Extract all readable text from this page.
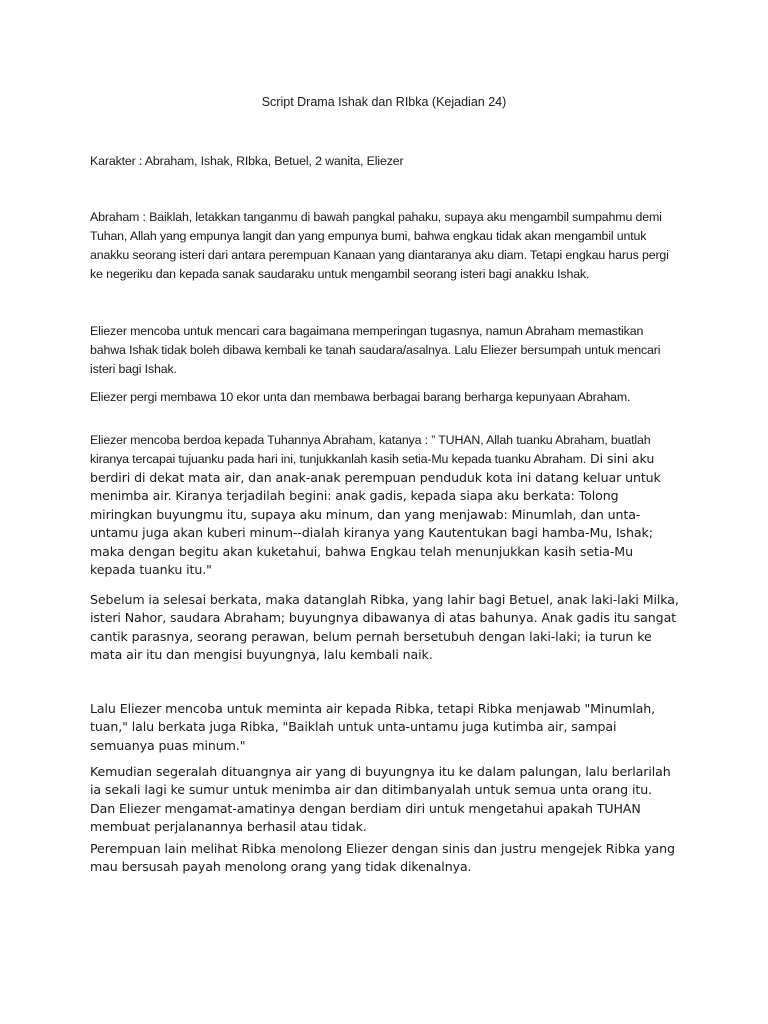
Script Drama Ishak dan RIbka (Kejadian 24)
Karakter : Abraham, Ishak, RIbka, Betuel, 2 wanita, Eliezer

Abraham : Baiklah, letakkan tanganmu di bawah pangkal pahaku, supaya aku mengambil sumpahmu demi Tuhan, Allah yang empunya langit dan yang empunya bumi, bahwa engkau tidak akan mengambil untuk anakku seorang isteri dari antara perempuan Kanaan yang diantaranya aku diam. Tetapi engkau harus pergi ke negeriku dan kepada sanak saudaraku untuk mengambil seorang isteri bagi anakku Ishak.

Eliezer mencoba untuk mencari cara bagaimana memperingan tugasnya, namun Abraham memastikan bahwa Ishak tidak boleh dibawa kembali ke tanah saudara/asalnya. Lalu Eliezer bersumpah untuk mencari isteri bagi Ishak.

Eliezer pergi membawa 10 ekor unta dan membawa berbagai barang berharga kepunyaan Abraham.

Eliezer mencoba berdoa kepada Tuhannya Abraham, katanya : ” TUHAN, Allah tuanku Abraham, buatlah kiranya tercapai tujuanku pada hari ini, tunjukkanlah kasih setia-Mu kepada tuanku Abraham. Di sini aku berdiri di dekat mata air, dan anak-anak perempuan penduduk kota ini datang keluar untuk menimba air. Kiranya terjadilah begini: anak gadis, kepada siapa aku berkata: Tolong miringkan buyungmu itu, supaya aku minum, dan yang menjawab: Minumlah, dan unta-untamu juga akan kuberi minum--dialah kiranya yang Kautentukan bagi hamba-Mu, Ishak; maka dengan begitu akan kuketahui, bahwa Engkau telah menunjukkan kasih setia-Mu kepada tuanku itu."

Sebelum ia selesai berkata, maka datanglah Ribka, yang lahir bagi Betuel, anak laki-laki Milka, isteri Nahor, saudara Abraham; buyungnya dibawanya di atas bahunya. Anak gadis itu sangat cantik parasnya, seorang perawan, belum pernah bersetubuh dengan laki-laki; ia turun ke mata air itu dan mengisi buyungnya, lalu kembali naik.

Lalu Eliezer mencoba untuk meminta air kepada Ribka, tetapi Ribka menjawab "Minumlah, tuan," lalu berkata juga Ribka, "Baiklah untuk unta-untamu juga kutimba air, sampai semuanya puas minum."

Kemudian segeralah dituangnya air yang di buyungnya itu ke dalam palungan, lalu berlarilah ia sekali lagi ke sumur untuk menimba air dan ditimbanyalah untuk semua unta orang itu. Dan Eliezer mengamat-amatinya dengan berdiam diri untuk mengetahui apakah TUHAN membuat perjalanannya berhasil atau tidak.

Perempuan lain melihat Ribka menolong Eliezer dengan sinis dan justru mengejek Ribka yang mau bersusah payah menolong orang yang tidak dikenalnya.
